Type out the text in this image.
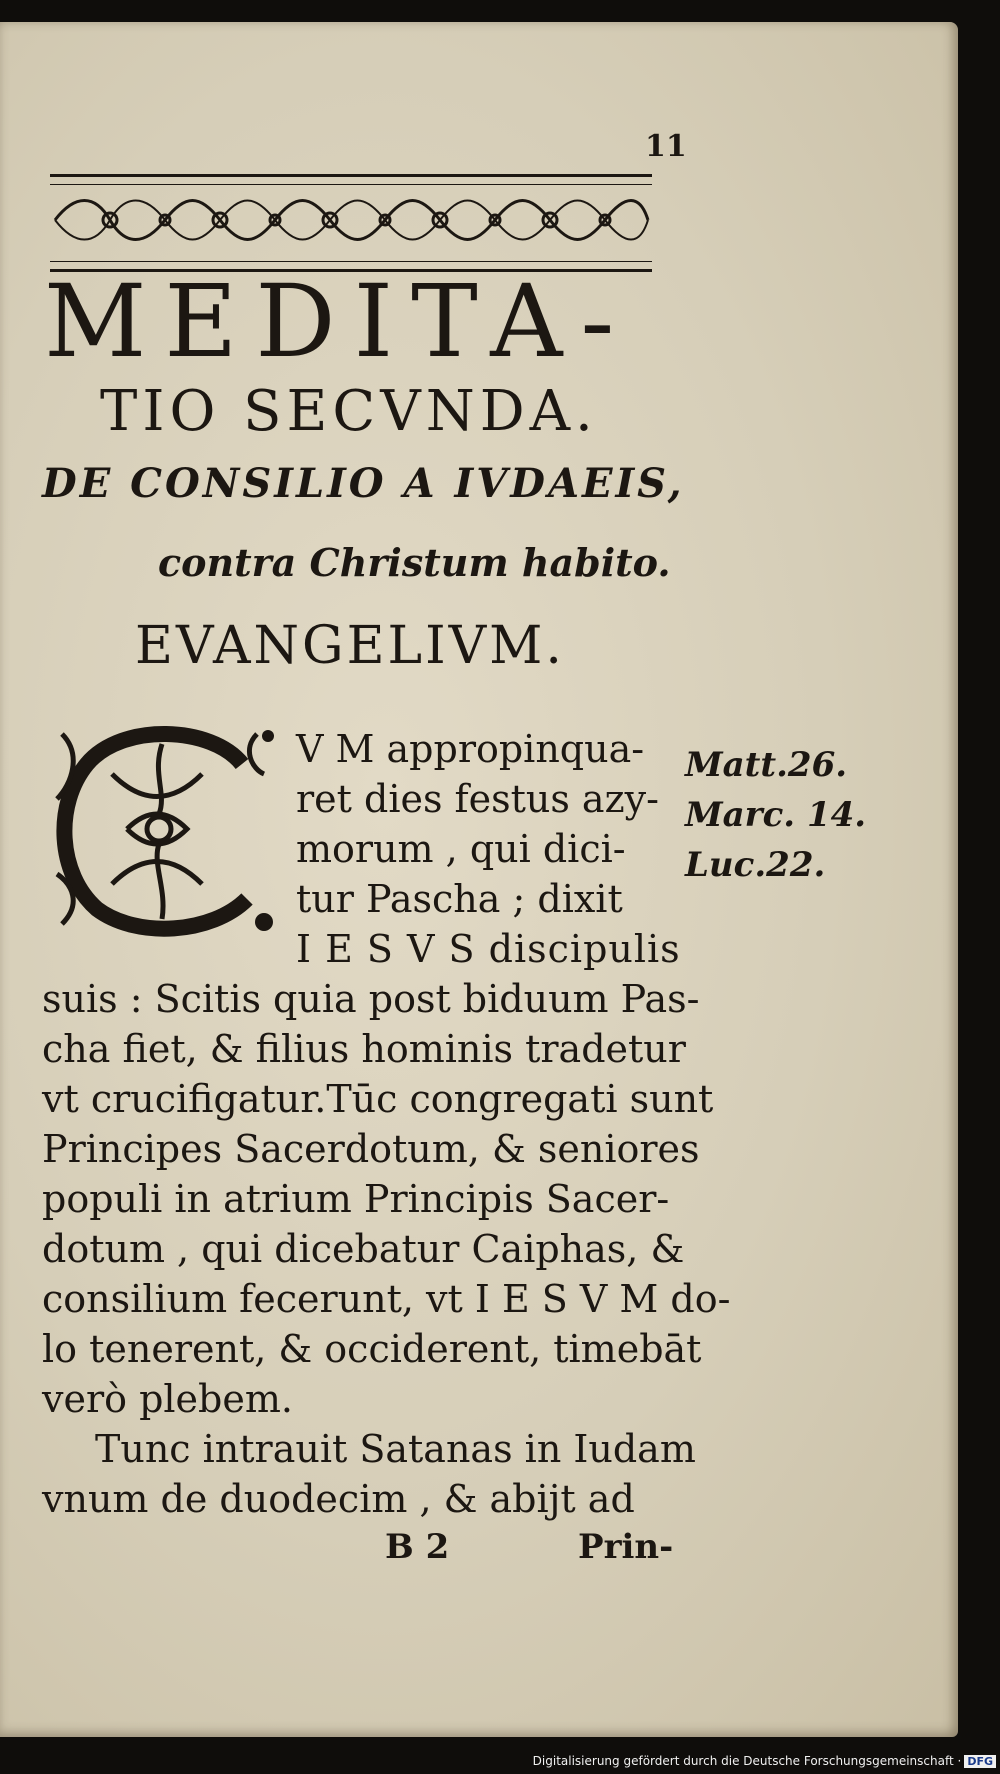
11
MEDITA-
TIO SECVNDA.
DE CONSILIO A IVDAEIS,
contra Christum habito.
EVANGELIVM.
V M appropinqua-
ret dies festus azy-
morum , qui dici-
tur Pascha ; dixit
I E S V S discipulis
suis : Scitis quia post biduum Pas-
cha fiet, & filius hominis tradetur
vt crucifigatur.Tūc congregati sunt
Principes Sacerdotum, & seniores
populi in atrium Principis Sacer-
dotum , qui dicebatur Caiphas, &
consilium fecerunt, vt I E S V M do-
lo tenerent, & occiderent, timebāt
verò plebem.
Tunc intrauit Satanas in Iudam
vnum de duodecim , & abijt ad
Matt.26.
Marc. 14.
Luc.22.
B 2	Prin-
Digitalisierung gefördert durch die Deutsche Forschungsgemeinschaft · DFG
